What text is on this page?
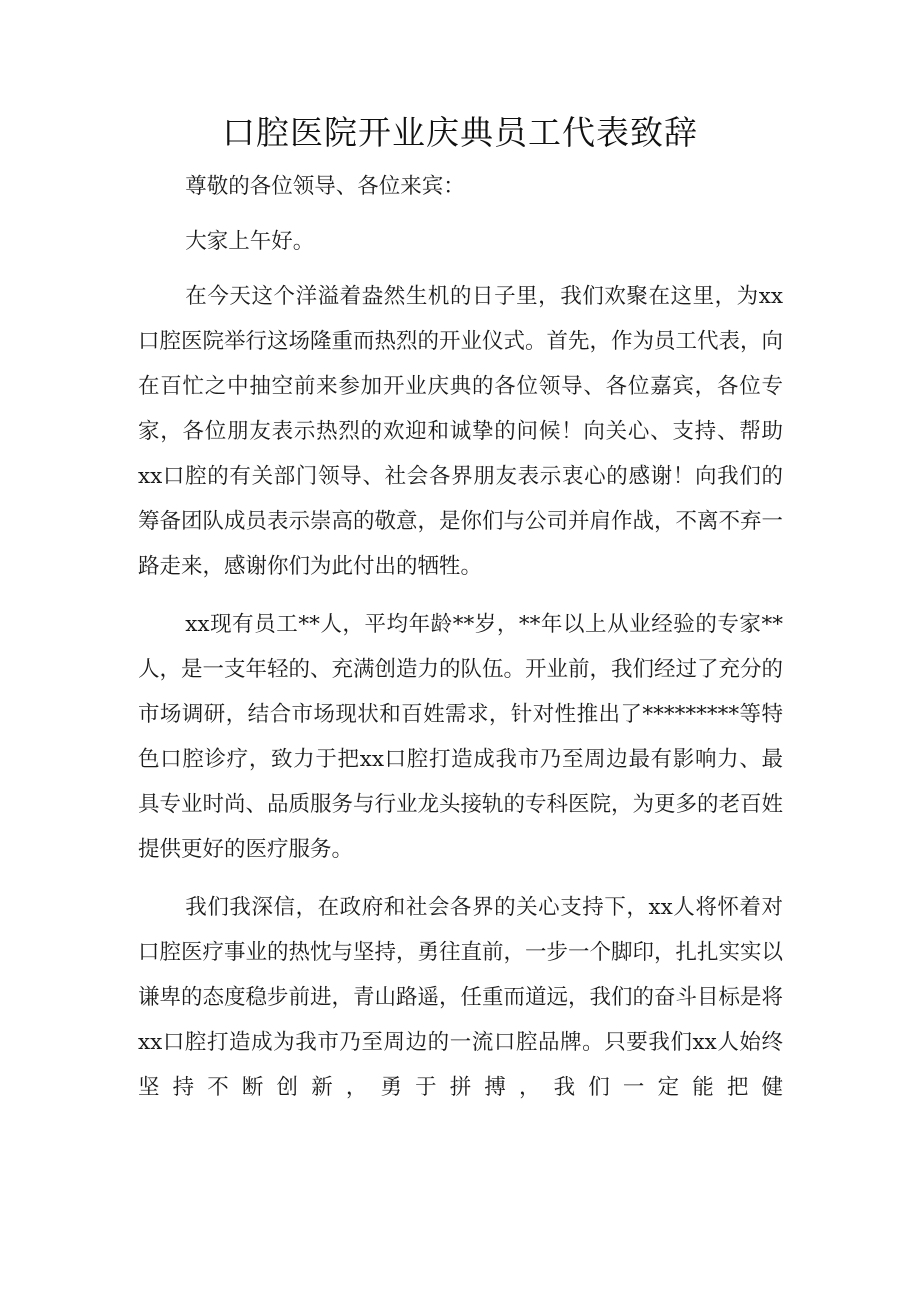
口腔医院开业庆典员工代表致辞

尊敬的各位领导、各位来宾：

大家上午好。

在今天这个洋溢着盎然生机的日子里，我们欢聚在这里，为xx口腔医院举行这场隆重而热烈的开业仪式。首先，作为员工代表，向在百忙之中抽空前来参加开业庆典的各位领导、各位嘉宾，各位专家，各位朋友表示热烈的欢迎和诚挚的问候！向关心、支持、帮助xx口腔的有关部门领导、社会各界朋友表示衷心的感谢！向我们的筹备团队成员表示崇高的敬意，是你们与公司并肩作战，不离不弃一路走来，感谢你们为此付出的牺牲。

xx现有员工**人，平均年龄**岁，**年以上从业经验的专家**人，是一支年轻的、充满创造力的队伍。开业前，我们经过了充分的市场调研，结合市场现状和百姓需求，针对性推出了*********等特色口腔诊疗，致力于把xx口腔打造成我市乃至周边最有影响力、最具专业时尚、品质服务与行业龙头接轨的专科医院，为更多的老百姓提供更好的医疗服务。

我们我深信，在政府和社会各界的关心支持下，xx人将怀着对口腔医疗事业的热忱与坚持，勇往直前，一步一个脚印，扎扎实实以谦卑的态度稳步前进，青山路遥，任重而道远，我们的奋斗目标是将xx口腔打造成为我市乃至周边的一流口腔品牌。只要我们xx人始终坚持不断创新，勇于拼搏，我们一定能把健
